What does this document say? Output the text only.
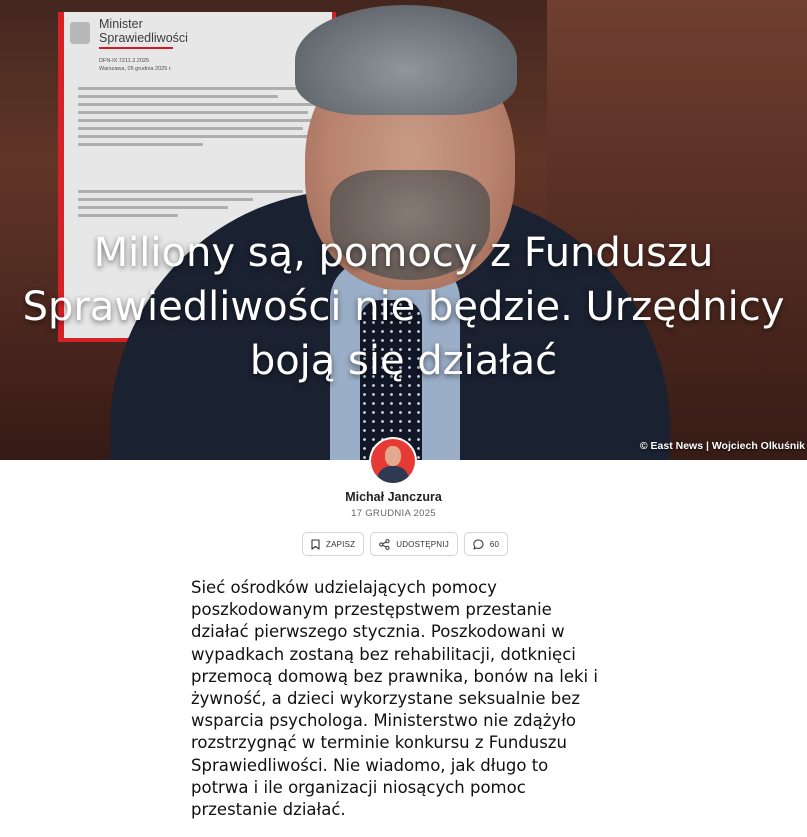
Minister
Sprawiedliwości
DFN-IX.7211.2.2025
Warszawa, 05 grudnia 2025 r.
Miliony są, pomocy z Funduszu Sprawiedliwości nie będzie. Urzędnicy boją się działać
© East News | Wojciech Olkuśnik
Michał Janczura
17 GRUDNIA 2025
ZAPISZ	UDOSTĘPNIJ	60

Sieć ośrodków udzielających pomocy poszkodowanym przestępstwem przestanie działać pierwszego stycznia. Poszkodowani w wypadkach zostaną bez rehabilitacji, dotknięci przemocą domową bez prawnika, bonów na leki i żywność, a dzieci wykorzystane seksualnie bez wsparcia psychologa. Ministerstwo nie zdążyło rozstrzygnąć w terminie konkursu z Funduszu Sprawiedliwości. Nie wiadomo, jak długo to potrwa i ile organizacji niosących pomoc przestanie działać.
